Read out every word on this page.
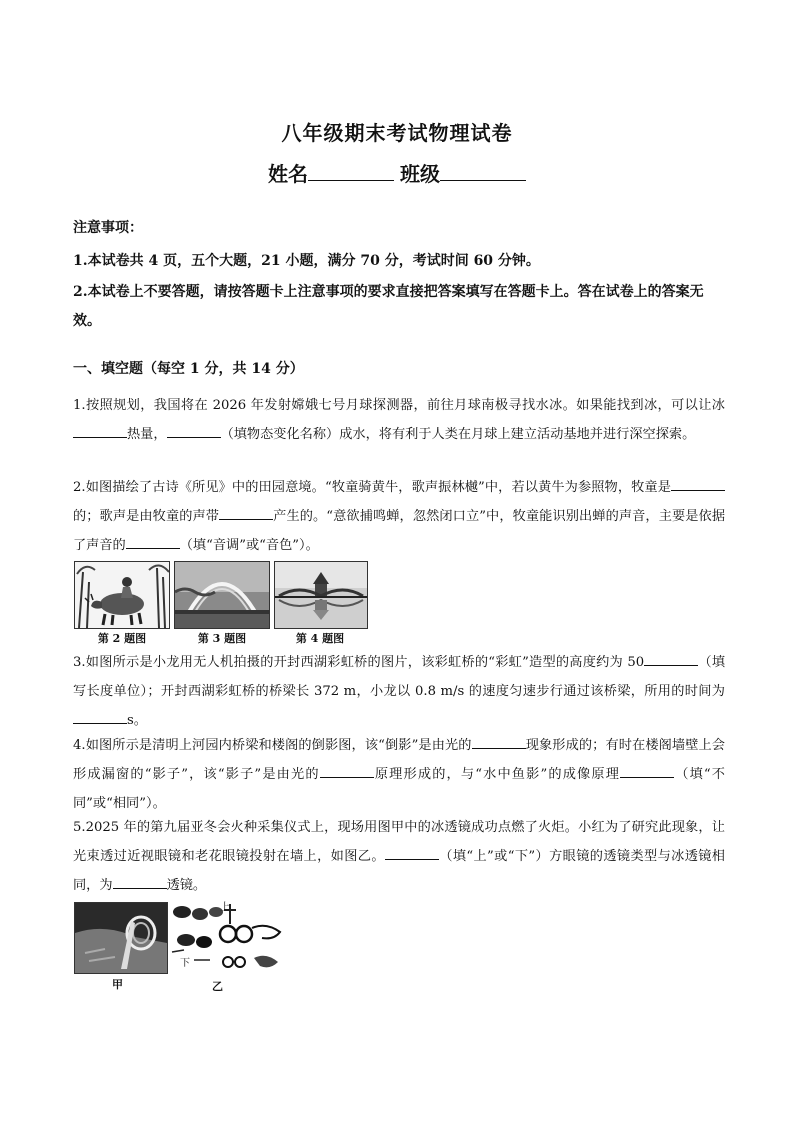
八年级期末考试物理试卷
姓名	班级
注意事项：
1.本试卷共 4 页，五个大题，21 小题，满分 70 分，考试时间 60 分钟。
2.本试卷上不要答题，请按答题卡上注意事项的要求直接把答案填写在答题卡上。答在试卷上的答案无效。
一、填空题（每空 1 分，共 14 分）
1.按照规划，我国将在 2026 年发射嫦娥七号月球探测器，前往月球南极寻找水冰。如果能找到冰，可以让冰热量，	（填物态变化名称）成水，将有利于人类在月球上建立活动基地并进行深空探索。
2.如图描绘了古诗《所见》中的田园意境。“牧童骑黄牛，歌声振林樾”中，若以黄牛为参照物，牧童是的；歌声是由牧童的声带	产生的。“意欲捕鸣蝉，忽然闭口立”中，牧童能识别出蝉的声音，主要是依据了声音的	（填“音调”或“音色”）。
第 2 题图	第 3 题图	第 4 题图
3.如图所示是小龙用无人机拍摄的开封西湖彩虹桥的图片，该彩虹桥的“彩虹”造型的高度约为 50	（填写长度单位）；开封西湖彩虹桥的桥梁长 372 m，小龙以 0.8 m/s 的速度匀速步行通过该桥梁，所用的时间为s。
4.如图所示是清明上河园内桥梁和楼阁的倒影图，该“倒影”是由光的	现象形成的；有时在楼阁墙壁上会形成漏窗的“影子”，该“影子”是由光的	原理形成的，与“水中鱼影”的成像原理	（填“不同”或“相同”）。
5.2025 年的第九届亚冬会火种采集仪式上，现场用图甲中的冰透镜成功点燃了火炬。小红为了研究此现象，让光束透过近视眼镜和老花眼镜投射在墙上，如图乙。	（填“上”或“下”）方眼镜的透镜类型与冰透镜相同，为	透镜。
甲
上
下
乙
